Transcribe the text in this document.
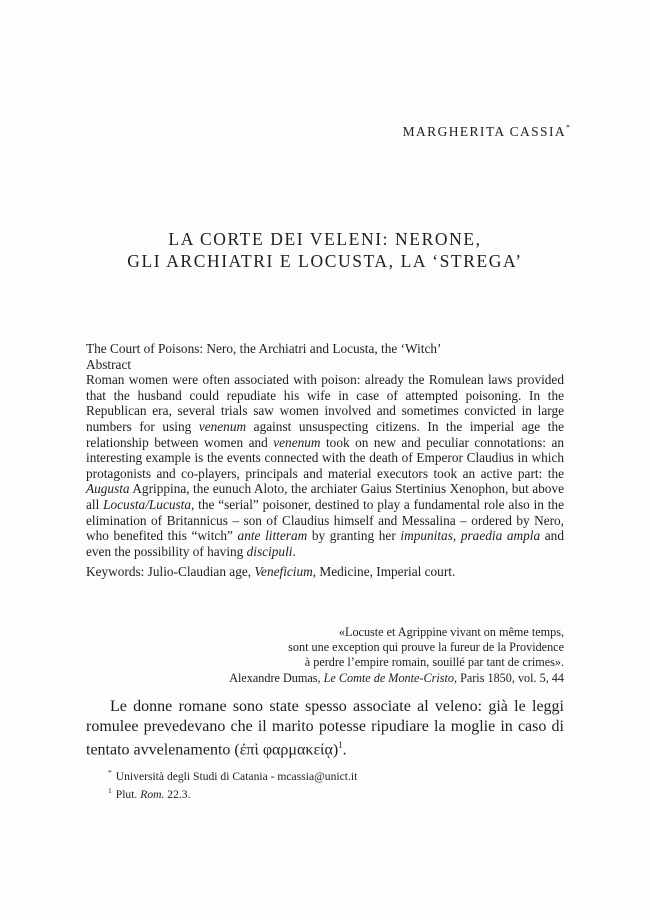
MARGHERITA CASSIA*
LA CORTE DEI VELENI: NERONE,
GLI ARCHIATRI E LOCUSTA, LA ‘STREGA’

The Court of Poisons: Nero, the Archiatri and Locusta, the ‘Witch’

Abstract

Roman women were often associated with poison: already the Romulean laws provided that the husband could repudiate his wife in case of attempted poisoning. In the Republican era, several trials saw women involved and sometimes convicted in large numbers for using venenum against unsuspecting citizens. In the imperial age the relationship between women and venenum took on new and peculiar connotations: an interesting example is the events connected with the death of Emperor Claudius in which protagonists and co-players, principals and material executors took an active part: the Augusta Agrippina, the eunuch Aloto, the archiater Gaius Stertinius Xenophon, but above all Locusta/Lucusta, the “serial” poisoner, destined to play a fundamental role also in the elimination of Britannicus – son of Claudius himself and Messalina – ordered by Nero, who benefited this “witch” ante litteram by granting her impunitas, praedia ampla and even the possibility of having discipuli.

Keywords: Julio-Claudian age, Veneficium, Medicine, Imperial court.

«Locuste et Agrippine vivant on même temps,
sont une exception qui prouve la fureur de la Providence
à perdre l’empire romain, souillé par tant de crimes».
Alexandre Dumas, Le Comte de Monte-Cristo, Paris 1850, vol. 5, 44

Le donne romane sono state spesso associate al veleno: già le leggi romulee prevedevano che il marito potesse ripudiare la moglie in caso di tentato avvelenamento (ἐπὶ φαρμακείᾳ)$^1$.

* Università degli Studi di Catania - mcassia@unict.it
$^1$ Plut. Rom. 22.3.
